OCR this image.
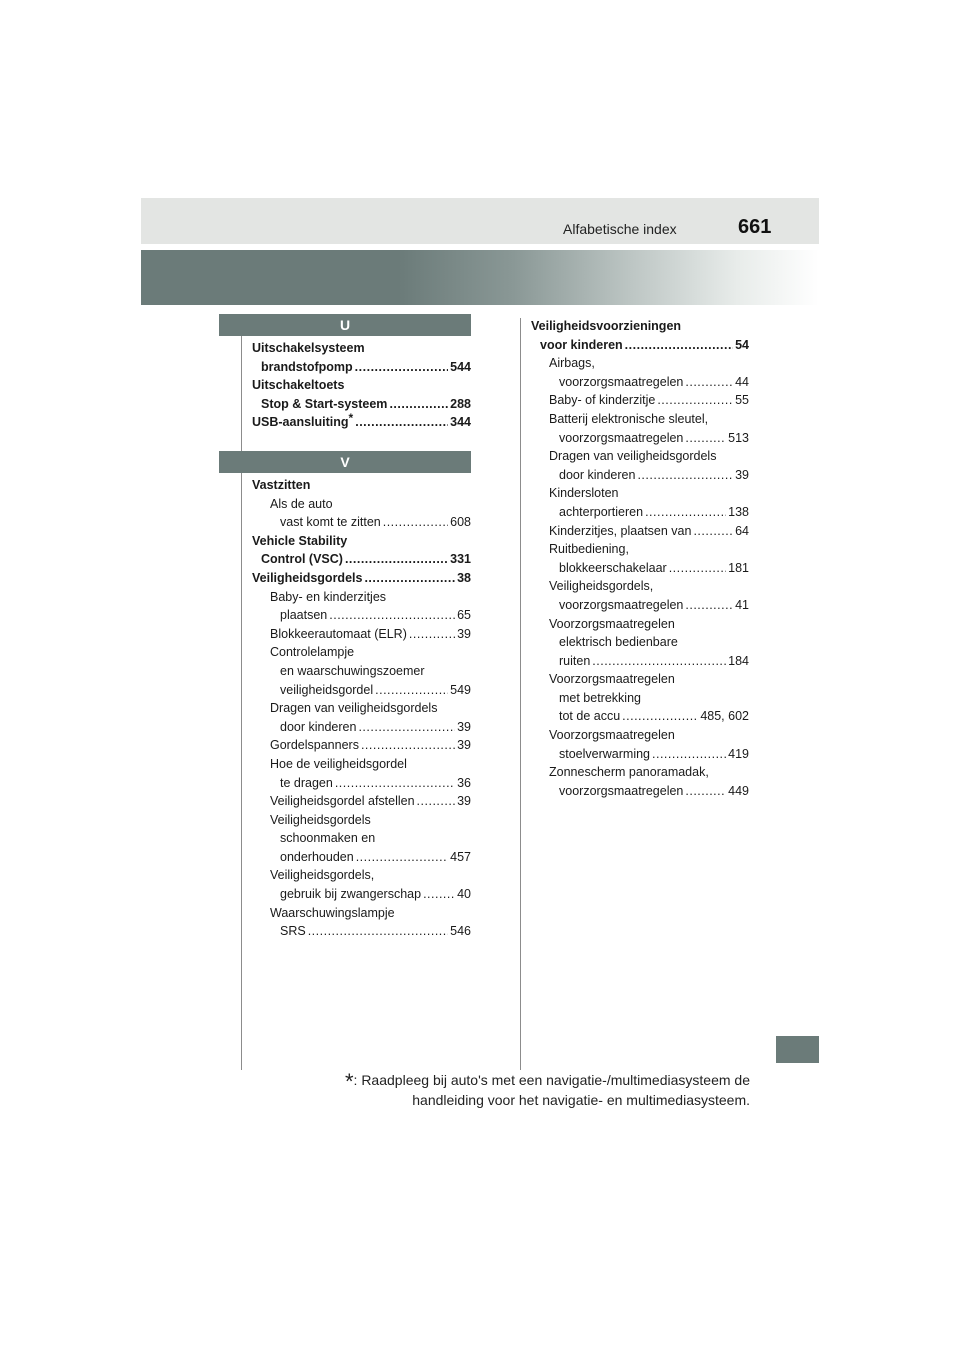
Alfabetische index	661
U
V
Uitschakelsysteem
brandstofpomp .....	544
Uitschakeltoets
Stop & Start-systeem .....	288
USB-aansluiting* .....	344
Vastzitten
Als de auto
vast komt te zitten .....	608
Vehicle Stability
Control (VSC) .....	331
Veiligheidsgordels .....	38
Baby- en kinderzitjes
plaatsen .....	65
Blokkeerautomaat (ELR) .....	39
Controlelampje
en waarschuwingszoemer
veiligheidsgordel .....	549
Dragen van veiligheidsgordels
door kinderen .....	39
Gordelspanners .....	39
Hoe de veiligheidsgordel
te dragen .....	36
Veiligheidsgordel afstellen .....	39
Veiligheidsgordels
schoonmaken en
onderhouden .....	457
Veiligheidsgordels,
gebruik bij zwangerschap .....	40
Waarschuwingslampje
SRS .....	546
Veiligheidsvoorzieningen
voor kinderen .....	54
Airbags,
voorzorgsmaatregelen .....	44
Baby- of kinderzitje .....	55
Batterij elektronische sleutel,
voorzorgsmaatregelen .....	513
Dragen van veiligheidsgordels
door kinderen .....	39
Kindersloten
achterportieren .....	138
Kinderzitjes, plaatsen van .....	64
Ruitbediening,
blokkeerschakelaar .....	181
Veiligheidsgordels,
voorzorgsmaatregelen .....	41
Voorzorgsmaatregelen
elektrisch bedienbare
ruiten .....	184
Voorzorgsmaatregelen
met betrekking
tot de accu .....	485, 602
Voorzorgsmaatregelen
stoelverwarming .....	419
Zonnescherm panoramadak,
voorzorgsmaatregelen .....	449
*: Raadpleeg bij auto's met een navigatie-/multimediasysteem de
handleiding voor het navigatie- en multimediasysteem.
